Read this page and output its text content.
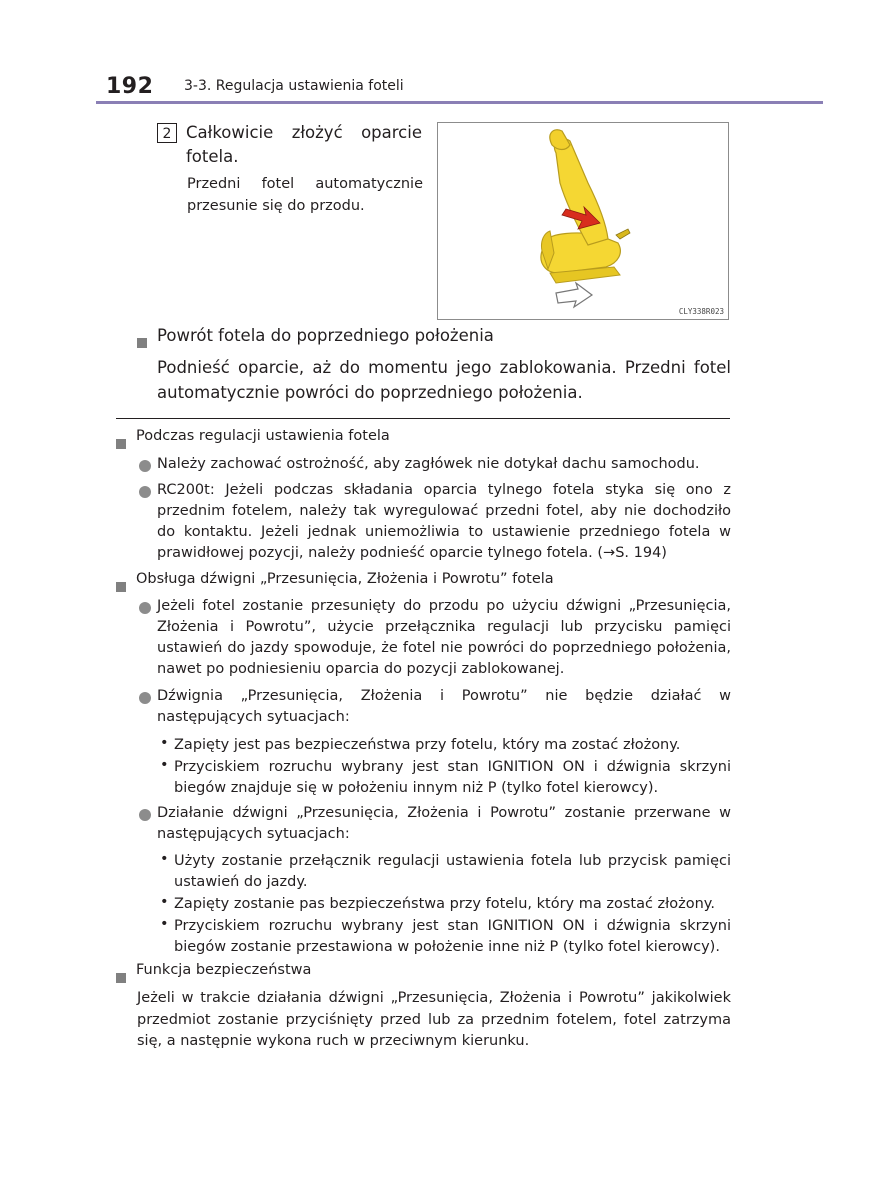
192 3-3. Regulacja ustawienia foteli
2 Całkowicie złożyć oparcie fotela.
Przedni fotel automatycznie przesunie się do przodu.
CLY338R023
Powrót fotela do poprzedniego położenia
Podnieść oparcie, aż do momentu jego zablokowania. Przedni fotel automatycznie powróci do poprzedniego położenia.
Podczas regulacji ustawienia fotela
Należy zachować ostrożność, aby zagłówek nie dotykał dachu samochodu.
RC200t: Jeżeli podczas składania oparcia tylnego fotela styka się ono z przednim fotelem, należy tak wyregulować przedni fotel, aby nie dochodziło do kontaktu. Jeżeli jednak uniemożliwia to ustawienie przedniego fotela w prawidłowej pozycji, należy podnieść oparcie tylnego fotela. (→S. 194)
Obsługa dźwigni „Przesunięcia, Złożenia i Powrotu” fotela
Jeżeli fotel zostanie przesunięty do przodu po użyciu dźwigni „Przesunięcia, Złożenia i Powrotu”, użycie przełącznika regulacji lub przycisku pamięci ustawień do jazdy spowoduje, że fotel nie powróci do poprzedniego położenia, nawet po podniesieniu oparcia do pozycji zablokowanej.
Dźwignia „Przesunięcia, Złożenia i Powrotu” nie będzie działać w następujących sytuacjach:
• Zapięty jest pas bezpieczeństwa przy fotelu, który ma zostać złożony.
• Przyciskiem rozruchu wybrany jest stan IGNITION ON i dźwignia skrzyni biegów znajduje się w położeniu innym niż P (tylko fotel kierowcy).
Działanie dźwigni „Przesunięcia, Złożenia i Powrotu” zostanie przerwane w następujących sytuacjach:
• Użyty zostanie przełącznik regulacji ustawienia fotela lub przycisk pamięci ustawień do jazdy.
• Zapięty zostanie pas bezpieczeństwa przy fotelu, który ma zostać złożony.
• Przyciskiem rozruchu wybrany jest stan IGNITION ON i dźwignia skrzyni biegów zostanie przestawiona w położenie inne niż P (tylko fotel kierowcy).
Funkcja bezpieczeństwa
Jeżeli w trakcie działania dźwigni „Przesunięcia, Złożenia i Powrotu” jakikolwiek przedmiot zostanie przyciśnięty przed lub za przednim fotelem, fotel zatrzyma się, a następnie wykona ruch w przeciwnym kierunku.
